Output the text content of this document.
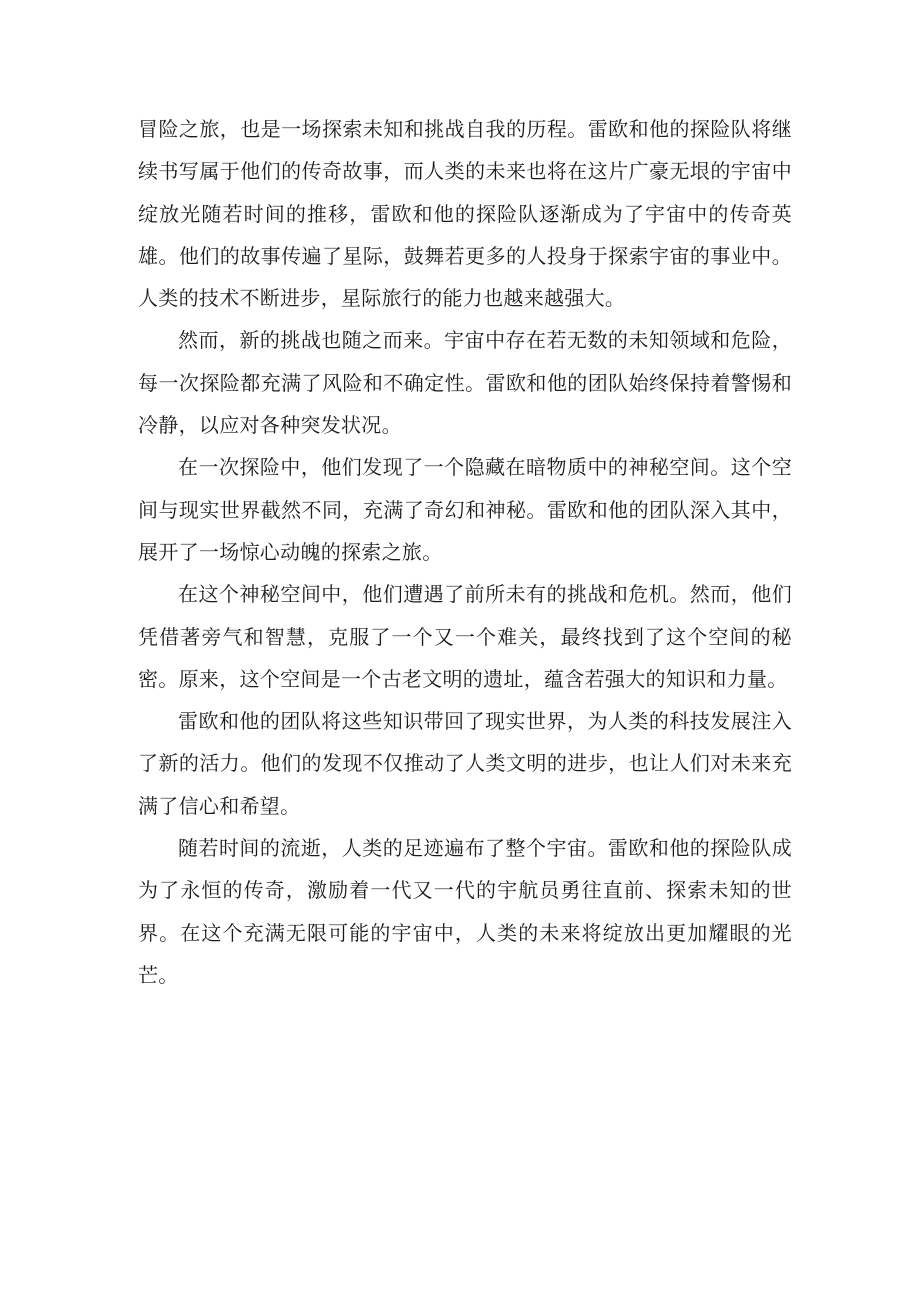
冒险之旅，也是一场探索未知和挑战自我的历程。雷欧和他的探险队将继续书写属于他们的传奇故事，而人类的未来也将在这片广豪无垠的宇宙中绽放光随若时间的推移，雷欧和他的探险队逐渐成为了宇宙中的传奇英雄。他们的故事传遍了星际，鼓舞若更多的人投身于探索宇宙的事业中。人类的技术不断进步，星际旅行的能力也越来越强大。

然而，新的挑战也随之而来。宇宙中存在若无数的未知领域和危险，每一次探险都充满了风险和不确定性。雷欧和他的团队始终保持着警惕和冷静，以应对各种突发状况。

在一次探险中，他们发现了一个隐藏在暗物质中的神秘空间。这个空间与现实世界截然不同，充满了奇幻和神秘。雷欧和他的团队深入其中，展开了一场惊心动魄的探索之旅。

在这个神秘空间中，他们遭遇了前所未有的挑战和危机。然而，他们凭借著旁气和智慧，克服了一个又一个难关，最终找到了这个空间的秘密。原来，这个空间是一个古老文明的遗址，蕴含若强大的知识和力量。

雷欧和他的团队将这些知识带回了现实世界，为人类的科技发展注入了新的活力。他们的发现不仅推动了人类文明的进步，也让人们对未来充满了信心和希望。

随若时间的流逝，人类的足迹遍布了整个宇宙。雷欧和他的探险队成为了永恒的传奇，激励着一代又一代的宇航员勇往直前、探索未知的世界。在这个充满无限可能的宇宙中，人类的未来将绽放出更加耀眼的光芒。
